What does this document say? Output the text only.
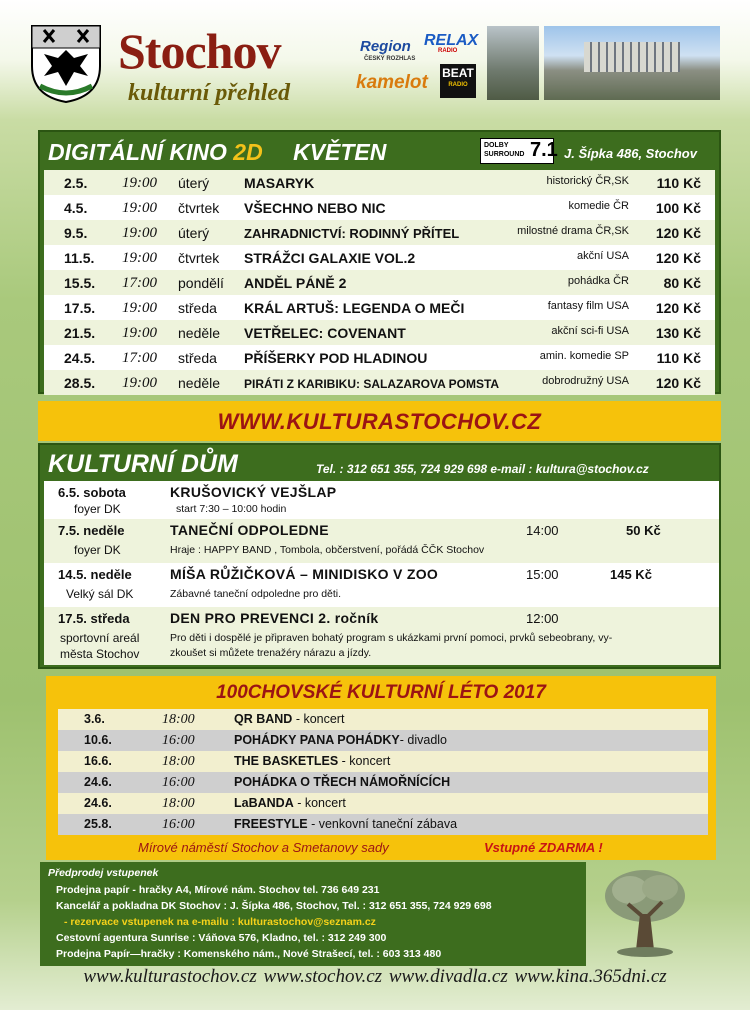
Stochov
kulturní přehled
Region
ČESKÝ ROZHLAS
RELAX
RADIO
kamelot BEAT
RADIO
DIGITÁLNÍ KINO 2D KVĚTEN	DOLBY
SURROUND 7.1 J. Šípka 486, Stochov
2.5. 19:00 úterý MASARYK	historický ČR,SK 110 Kč
4.5. 19:00 čtvrtek VŠECHNO NEBO NIC	komedie ČR 100 Kč
9.5. 19:00 úterý	ZAHRADNICTVÍ: RODINNÝ PŘÍTEL	milostné drama ČR,SK 120 Kč
11.5. 19:00 čtvrtek STRÁŽCI GALAXIE VOL.2	akční USA 120 Kč
15.5. 17:00 pondělí ANDĚL PÁNĚ 2	pohádka ČR 80 Kč
17.5. 19:00 středa KRÁL ARTUŠ: LEGENDA O MEČI	fantasy film USA 120 Kč
21.5. 19:00 neděle VETŘELEC: COVENANT	akční sci-fi USA 130 Kč
24.5. 17:00 středa PŘÍŠERKY POD HLADINOU	amin. komedie SP 110 Kč
28.5. 19:00 neděle PIRÁTI Z KARIBIKU: SALAZAROVA POMSTA	dobrodružný USA 120 Kč
WWW.KULTURASTOCHOV.CZ
KULTURNÍ DŮM	Tel. : 312 651 355, 724 929 698 e-mail : kultura@stochov.cz
6.5. sobota
foyer DK
KRUŠOVICKÝ VEJŠLAP
start 7:30 – 10:00 hodin
7.5. neděle
foyer DK
TANEČNÍ ODPOLEDNE
Hraje : HAPPY BAND , Tombola, občerstvení, pořádá ČČK Stochov
14:00	50 Kč
14.5. neděle
Velký sál DK
MÍŠA RŮŽIČKOVÁ – MINIDISKO V ZOO
Zábavné taneční odpoledne pro děti.
15:00	145 Kč
17.5. středa
sportovní areál
města Stochov
DEN PRO PREVENCI 2. ročník
Pro děti i dospělé je připraven bohatý program s ukázkami první pomoci, prvků sebeobrany, vy-
zkoušet si můžete trenažéry nárazu a jízdy.
12:00
100CHOVSKÉ KULTURNÍ LÉTO 2017
3.6.	18:00	QR BAND - koncert
10.6.	16:00	POHÁDKY PANA POHÁDKY- divadlo
16.6.	18:00	THE BASKETLES - koncert
24.6.	16:00	POHÁDKA O TŘECH NÁMOŘNÍCÍCH
24.6.	18:00	LaBANDA - koncert
25.8.	16:00	FREESTYLE - venkovní taneční zábava
Mírové náměstí Stochov a Smetanovy sady	Vstupné ZDARMA !
Předprodej vstupenek
Prodejna papír - hračky A4, Mírové nám. Stochov tel. 736 649 231
Kancelář a pokladna DK Stochov : J. Šípka 486, Stochov, Tel. : 312 651 355, 724 929 698
- rezervace vstupenek na e-mailu : kulturastochov@seznam.cz
Cestovní agentura Sunrise : Váňova 576, Kladno, tel. : 312 249 300
Prodejna Papír—hračky : Komenského nám., Nové Strašecí, tel. : 603 313 480
www.kulturastochov.cz www.stochov.cz www.divadla.cz www.kina.365dni.cz
